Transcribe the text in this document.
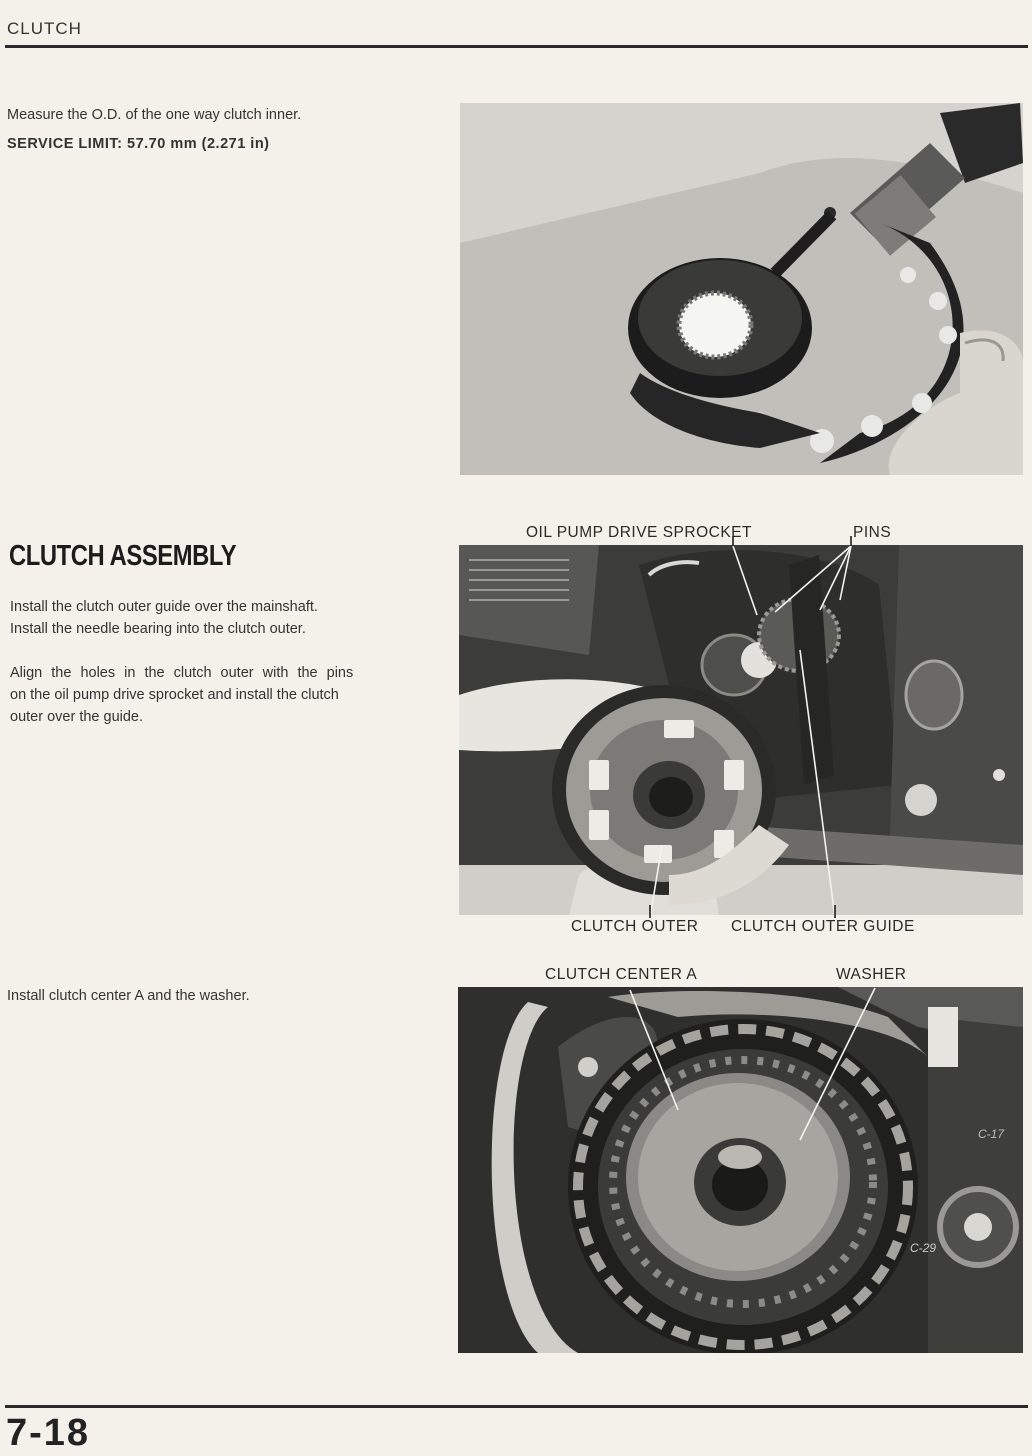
CLUTCH
Measure the O.D. of the one way clutch inner.
SERVICE LIMIT: 57.70 mm (2.271 in)
CLUTCH ASSEMBLY
Install the clutch outer guide over the mainshaft.
Install the needle bearing into the clutch outer.
Align the holes in the clutch outer with the pins
on the oil pump drive sprocket and install the clutch
outer over the guide.
OIL PUMP DRIVE SPROCKET	PINS
CLUTCH OUTER CLUTCH OUTER GUIDE
Install clutch center A and the washer.
CLUTCH CENTER A	WASHER
C-17
C-29
7-18
